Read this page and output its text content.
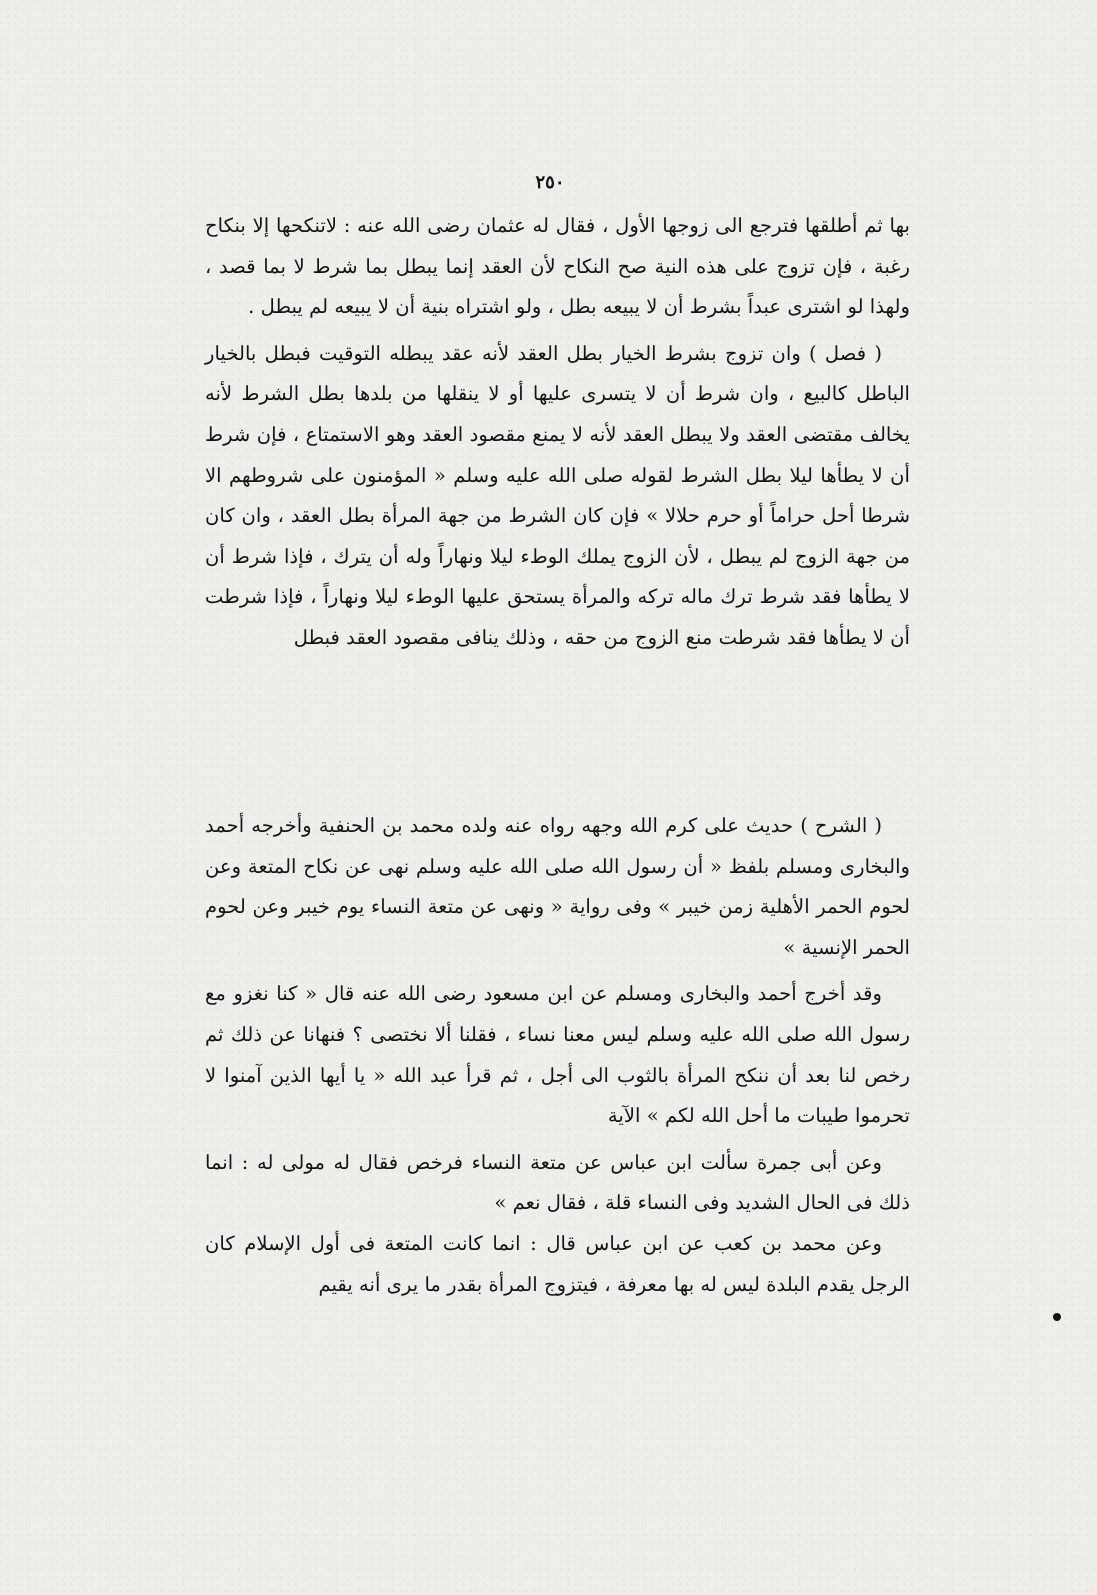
٢٥٠

بها ثم أطلقها فترجع الى زوجها الأول ، فقال له عثمان رضى الله عنه : لاتنكحها إلا بنكاح رغبة ، فإن تزوج على هذه النية صح النكاح لأن العقد إنما يبطل بما شرط لا بما قصد ، ولهذا لو اشترى عبداً بشرط أن لا يبيعه بطل ، ولو اشتراه بنية أن لا يبيعه لم يبطل .

( فصل ) وان تزوج بشرط الخيار بطل العقد لأنه عقد يبطله التوقيت فبطل بالخيار الباطل كالبيع ، وان شرط أن لا يتسرى عليها أو لا ينقلها من بلدها بطل الشرط لأنه يخالف مقتضى العقد ولا يبطل العقد لأنه لا يمنع مقصود العقد وهو الاستمتاع ، فإن شرط أن لا يطأها ليلا بطل الشرط لقوله صلى الله عليه وسلم « المؤمنون على شروطهم الا شرطا أحل حراماً أو حرم حلالا » فإن كان الشرط من جهة المرأة بطل العقد ، وان كان من جهة الزوج لم يبطل ، لأن الزوج يملك الوطء ليلا ونهاراً وله أن يترك ، فإذا شرط أن لا يطأها فقد شرط ترك ماله تركه والمرأة يستحق عليها الوطء ليلا ونهاراً ، فإذا شرطت أن لا يطأها فقد شرطت منع الزوج من حقه ، وذلك ينافى مقصود العقد فبطل

( الشرح ) حديث على كرم الله وجهه رواه عنه ولده محمد بن الحنفية وأخرجه أحمد والبخارى ومسلم بلفظ « أن رسول الله صلى الله عليه وسلم نهى عن نكاح المتعة وعن لحوم الحمر الأهلية زمن خيبر » وفى رواية « ونهى عن متعة النساء يوم خيبر وعن لحوم الحمر الإنسية »

وقد أخرج أحمد والبخارى ومسلم عن ابن مسعود رضى الله عنه قال « كنا نغزو مع رسول الله صلى الله عليه وسلم ليس معنا نساء ، فقلنا ألا نختصى ؟ فنهانا عن ذلك ثم رخص لنا بعد أن ننكح المرأة بالثوب الى أجل ، ثم قرأ عبد الله « يا أيها الذين آمنوا لا تحرموا طيبات ما أحل الله لكم » الآية

وعن أبى جمرة سألت ابن عباس عن متعة النساء فرخص فقال له مولى له : انما ذلك فى الحال الشديد وفى النساء قلة ، فقال نعم »

وعن محمد بن كعب عن ابن عباس قال : انما كانت المتعة فى أول الإسلام كان الرجل يقدم البلدة ليس له بها معرفة ، فيتزوج المرأة بقدر ما يرى أنه يقيم
